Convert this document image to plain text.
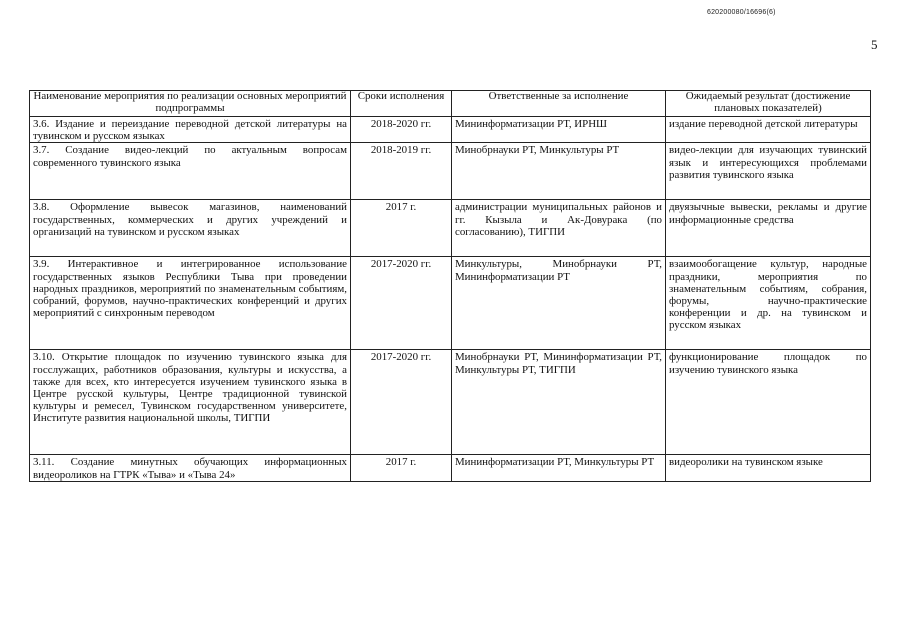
620200080/16696(6)
5
Наименование мероприятия по реализации основных мероприятий подпрограммы	Сроки исполнения	Ответственные за исполнение	Ожидаемый результат (достижение плановых показателей)
3.6. Издание и переиздание переводной детской литературы на тувинском и русском языках	2018-2020 гг.	Мининформатизации РТ, ИРНШ	издание переводной детской литературы
3.7. Создание видео-лекций по актуальным вопросам современного тувинского языка	2018-2019 гг.	Минобрнауки РТ, Минкультуры РТ	видео-лекции для изучающих тувинский язык и интересующихся проблемами развития тувинского языка
3.8. Оформление вывесок магазинов, наименований государственных, коммерческих и других учреждений и организаций на тувинском и русском языках	2017 г.	администрации муниципальных районов и гг. Кызыла и Ак-Довурака (по согласованию), ТИГПИ	двуязычные вывески, рекламы и другие информационные средства
3.9. Интерактивное и интегрированное использование государственных языков Республики Тыва при проведении народных праздников, мероприятий по знаменательным событиям, собраний, форумов, научно-практических конференций и других мероприятий с синхронным переводом	2017-2020 гг.	Минкультуры, Минобрнауки РТ, Мининформатизации РТ	взаимообогащение культур, народные праздники, мероприятия по знаменательным событиям, собрания, форумы, научно-практические конференции и др. на тувинском и русском языках
3.10. Открытие площадок по изучению тувинского языка для госслужащих, работников образования, культуры и искусства, а также для всех, кто интересуется изучением тувинского языка в Центре русской культуры, Центре традиционной тувинской культуры и ремесел, Тувинском государственном университете, Институте развития национальной школы, ТИГПИ	2017-2020 гг.	Минобрнауки РТ, Мининформатизации РТ, Минкультуры РТ, ТИГПИ	функционирование площадок по изучению тувинского языка
3.11. Создание минутных обучающих информационных видеороликов на ГТРК «Тыва» и «Тыва 24»	2017 г.	Мининформатизации РТ, Минкультуры РТ	видеоролики на тувинском языке
